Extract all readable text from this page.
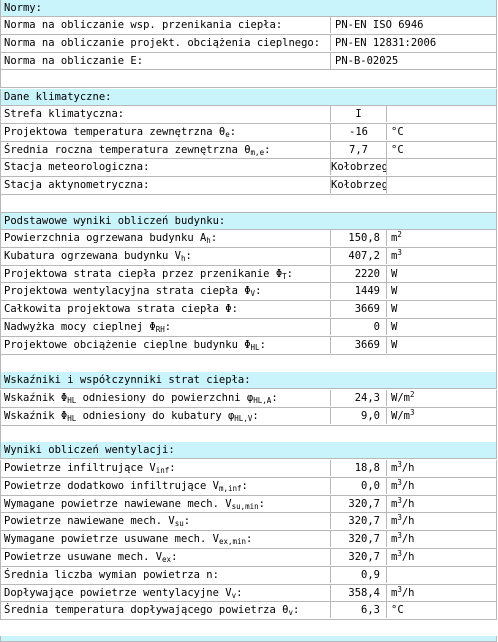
Normy:
Norma na obliczanie wsp. przenikania ciepła:	PN-EN ISO 6946
Norma na obliczanie projekt. obciążenia cieplnego:	PN-EN 12831:2006
Norma na obliczanie E:	PN-B-02025
Dane klimatyczne:
Strefa klimatyczna:	I
Projektowa temperatura zewnętrzna $\theta_e$:	-16	°C
Średnia roczna temperatura zewnętrzna $\theta_{m,e}$:	7,7	°C
Stacja meteorologiczna:	Kołobrzeg
Stacja aktynometryczna:	Kołobrzeg
Podstawowe wyniki obliczeń budynku:
Powierzchnia ogrzewana budynku $A_h$:	150,8	$m^2$
Kubatura ogrzewana budynku $V_h$:	407,2	$m^3$
Projektowa strata ciepła przez przenikanie $\Phi_T$:	2220	W
Projektowa wentylacyjna strata ciepła $\Phi_V$:	1449	W
Całkowita projektowa strata ciepła Φ:	3669	W
Nadwyżka mocy cieplnej $\Phi_{RH}$:	0	W
Projektowe obciążenie cieplne budynku $\Phi_{HL}$:	3669	W
Wskaźniki i współczynniki strat ciepła:
Wskaźnik $\Phi_{HL}$ odniesiony do powierzchni $\varphi_{HL,A}$:	24,3	$W/m^2$
Wskaźnik $\Phi_{HL}$ odniesiony do kubatury $\varphi_{HL,V}$:	9,0	$W/m^3$
Wyniki obliczeń wentylacji:
Powietrze infiltrujące $V_{inf}$:	18,8	$m^3/h$
Powietrze dodatkowo infiltrujące $V_{m,inf}$:	0,0	$m^3/h$
Wymagane powietrze nawiewane mech. $V_{su,min}$:	320,7	$m^3/h$
Powietrze nawiewane mech. $V_{su}$:	320,7	$m^3/h$
Wymagane powietrze usuwane mech. $V_{ex,min}$:	320,7	$m^3/h$
Powietrze usuwane mech. $V_{ex}$:	320,7	$m^3/h$
Średnia liczba wymian powietrza n:	0,9
Dopływające powietrze wentylacyjne $V_v$:	358,4	$m^3/h$
Średnia temperatura dopływającego powietrza $\theta_v$:	6,3	°C
